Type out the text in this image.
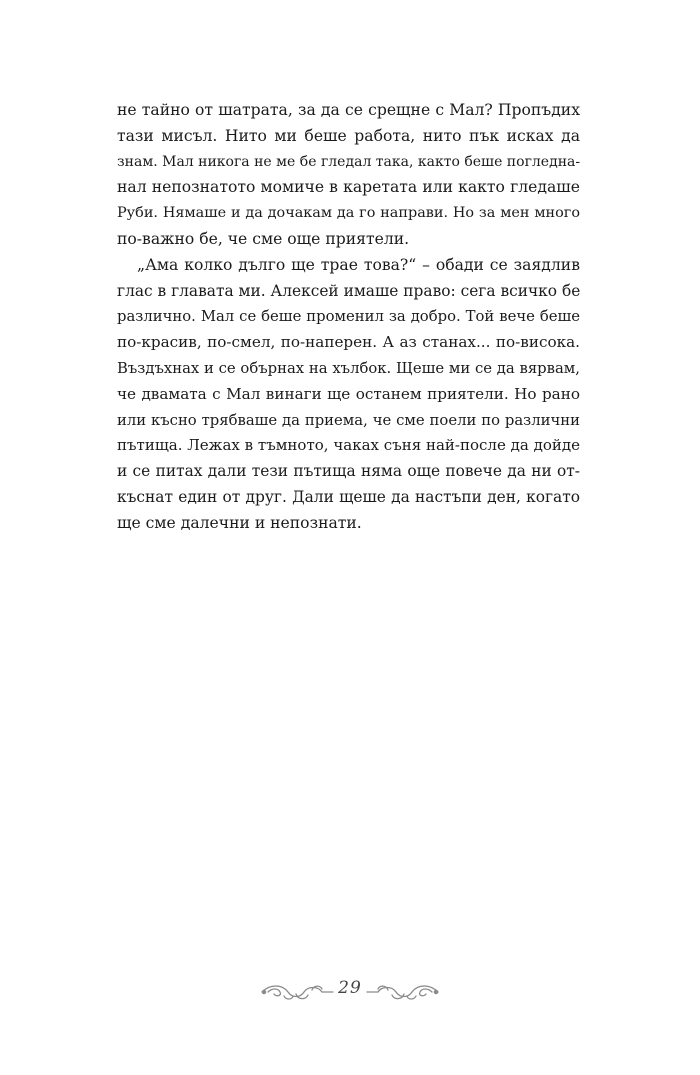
не тайно от шатрата, за да се срещне с Мал? Пропъдих
тази мисъл. Нито ми беше работа, нито пък исках да
знам. Мал никога не ме бе гледал така, както беше погледна-
нал непознатото момиче в каретата или както гледаше
Руби. Нямаше и да дочакам да го направи. Но за мен много
по-важно бе, че сме още приятели.

„Ама колко дълго ще трае това?“ – обади се заядлив
глас в главата ми. Алексей имаше право: сега всичко бе
различно. Мал се беше променил за добро. Той вече беше
по-красив, по-смел, по-наперен. А аз станах... по-висока.
Въздъхнах и се обърнах на хълбок. Щеше ми се да вярвам,
че двамата с Мал винаги ще останем приятели. Но рано
или късно трябваше да приема, че сме поели по различни
пътища. Лежах в тъмното, чаках съня най-после да дойде
и се питах дали тези пътища няма още повече да ни от-
къснат един от друг. Дали щеше да настъпи ден, когато
ще сме далечни и непознати.

29
